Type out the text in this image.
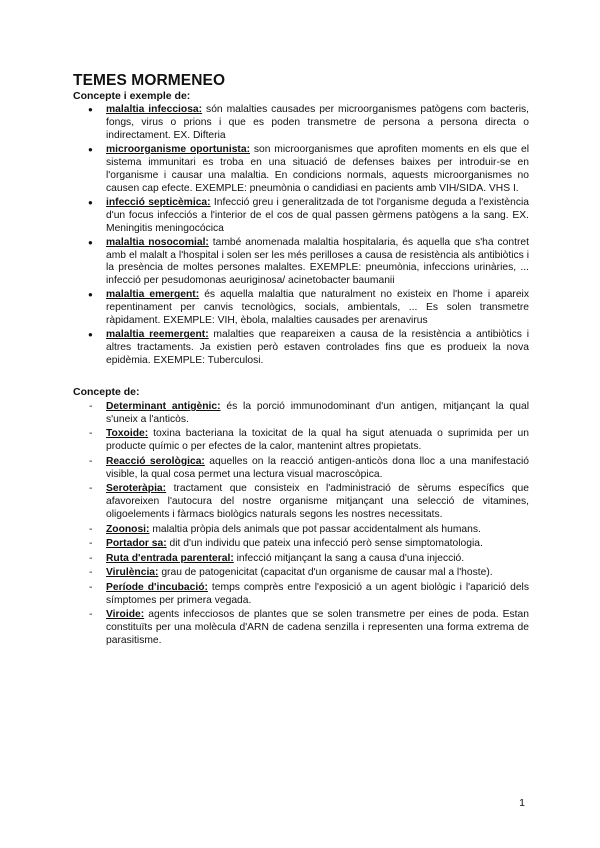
TEMES MORMENEO
Concepte i exemple de:
● malaltia infecciosa: són malalties causades per microorganismes patògens com bacteris, fongs, virus o prions i que es poden transmetre de persona a persona directa o indirectament. EX. Difteria
● microorganisme oportunista: son microorganismes que aprofiten moments en els que el sistema immunitari es troba en una situació de defenses baixes per introduir-se en l'organisme i causar una malaltia. En condicions normals, aquests microorganismes no causen cap efecte. EXEMPLE: pneumònia o candidiasi en pacients amb VIH/SIDA. VHS I.
● infecció septicèmica: Infecció greu i generalitzada de tot l'organisme deguda a l'existència d'un focus infecciós a l'interior de el cos de qual passen gèrmens patògens a la sang. EX. Meningitis meningocócica
● malaltia nosocomial: també anomenada malaltia hospitalaria, és aquella que s'ha contret amb el malalt a l'hospital i solen ser les més perilloses a causa de resistència als antibiòtics i la presència de moltes persones malaltes. EXEMPLE: pneumònia, infeccions urinàries, ... infecció per pesudomonas aeuriginosa/ acinetobacter baumanii
● malaltia emergent: és aquella malaltia que naturalment no existeix en l'home i apareix repentinament per canvis tecnològics, socials, ambientals, ... Es solen transmetre ràpidament. EXEMPLE: VIH, èbola, malalties causades per arenavirus
● malaltia reemergent: malalties que reapareixen a causa de la resistència a antibiòtics i altres tractaments. Ja existien però estaven controlades fins que es produeix la nova epidèmia. EXEMPLE: Tuberculosi.
Concepte de:
- Determinant antigènic: és la porció immunodominant d'un antigen, mitjançant la qual s'uneix a l'anticòs.
- Toxoide: toxina bacteriana la toxicitat de la qual ha sigut atenuada o suprimida per un producte químic o per efectes de la calor, mantenint altres propietats.
- Reacció serològica: aquelles on la reacció antigen-anticòs dona lloc a una manifestació visible, la qual cosa permet una lectura visual macroscòpica.
- Seroteràpia: tractament que consisteix en l'administració de sèrums específics que afavoreixen l'autocura del nostre organisme mitjançant una selecció de vitamines, oligoelements i fàrmacs biològics naturals segons les nostres necessitats.
- Zoonosi: malaltia pròpia dels animals que pot passar accidentalment als humans.
- Portador sa: dit d'un individu que pateix una infecció però sense simptomatologia.
- Ruta d'entrada parenteral: infecció mitjançant la sang a causa d'una injecció.
- Virulència: grau de patogenicitat (capacitat d'un organisme de causar mal a l'hoste).
- Període d'incubació: temps comprès entre l'exposició a un agent biològic i l'aparició dels símptomes per primera vegada.
- Viroide: agents infecciosos de plantes que se solen transmetre per eines de poda. Estan constituïts per una molècula d'ARN de cadena senzilla i representen una forma extrema de parasitisme.
1
